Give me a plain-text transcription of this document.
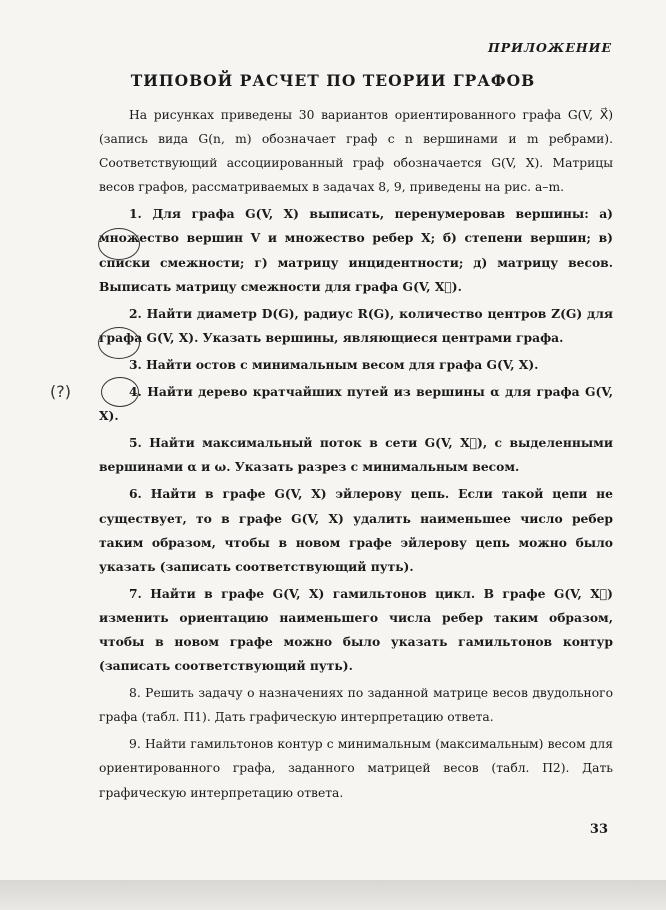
ПРИЛОЖЕНИЕ
ТИПОВОЙ РАСЧЕТ ПО ТЕОРИИ ГРАФОВ

На рисунках приведены 30 вариантов ориентированного графа G(V, X⃗) (запись вида G(n, m) обозначает граф с n вершинами и m ребрами). Соответствующий ассоциированный граф обозначается G(V, X). Матрицы весов графов, рассматриваемых в задачах 8, 9, приведены на рис. a–m.

1. Для графа G(V, X) выписать, перенумеровав вершины: а) множество вершин V и множество ребер X; б) степени вершин; в) списки смежности; г) матрицу инцидентности; д) матрицу весов. Выписать матрицу смежности для графа G(V, X⃗).

2. Найти диаметр D(G), радиус R(G), количество центров Z(G) для графа G(V, X). Указать вершины, являющиеся центрами графа.

3. Найти остов с минимальным весом для графа G(V, X).

4. Найти дерево кратчайших путей из вершины α для графа G(V, X).

5. Найти максимальный поток в сети G(V, X⃗), с выделенными вершинами α и ω. Указать разрез с минимальным весом.

6. Найти в графе G(V, X) эйлерову цепь. Если такой цепи не существует, то в графе G(V, X) удалить наименьшее число ребер таким образом, чтобы в новом графе эйлерову цепь можно было указать (записать соответствующий путь).

7. Найти в графе G(V, X) гамильтонов цикл. В графе G(V, X⃗) изменить ориентацию наименьшего числа ребер таким образом, чтобы в новом графе можно было указать гамильтонов контур (записать соответствующий путь).

8. Решить задачу о назначениях по заданной матрице весов двудольного графа (табл. П1). Дать графическую интерпретацию ответа.

9. Найти гамильтонов контур с минимальным (максимальным) весом для ориентированного графа, заданного матрицей весов (табл. П2). Дать графическую интерпретацию ответа.

(?)
33
